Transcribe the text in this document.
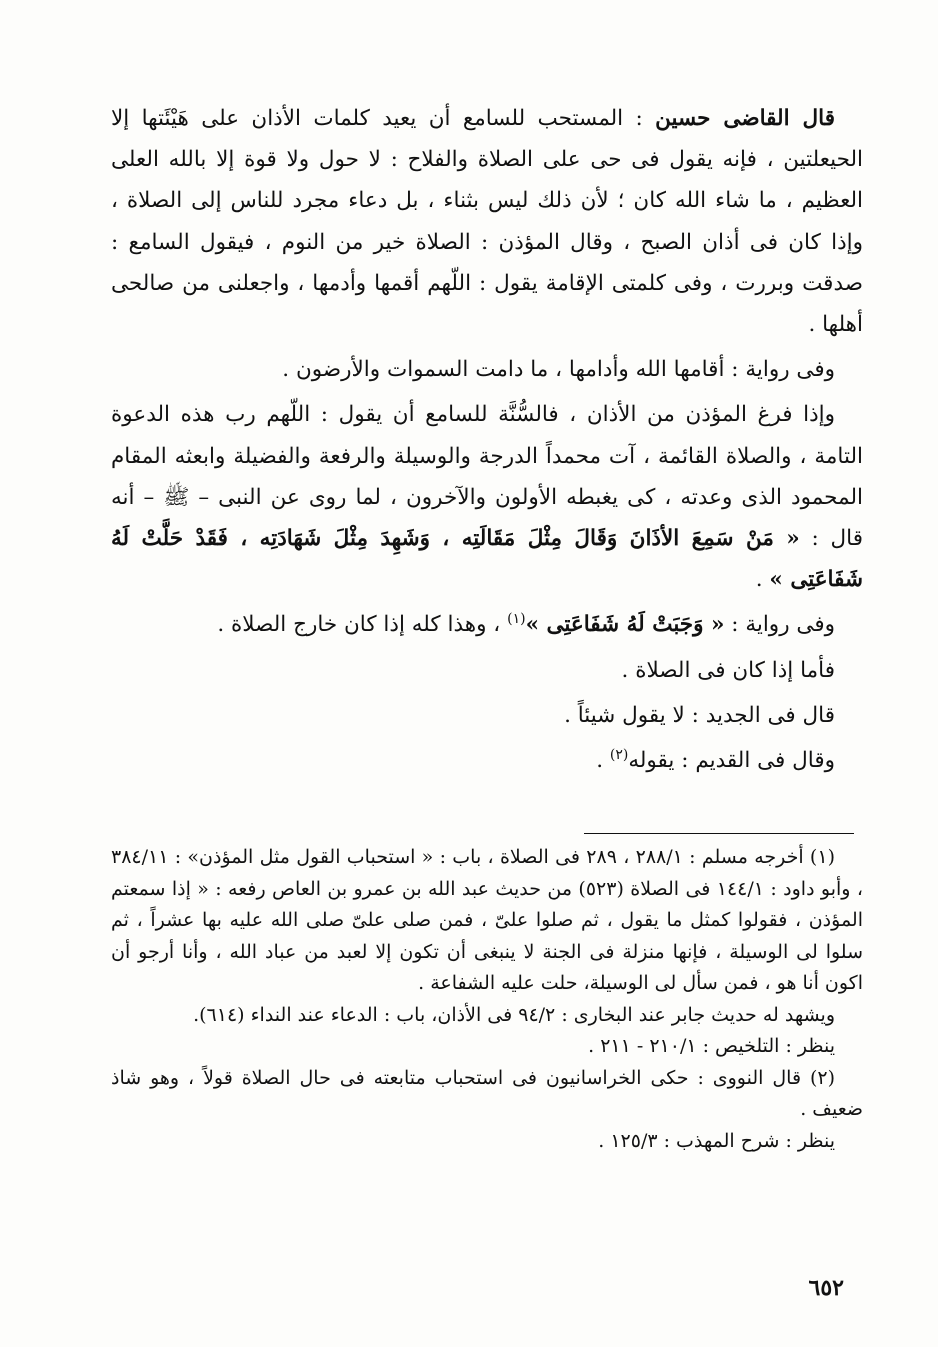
قال القاضى حسين : المستحب للسامع أن يعيد كلمات الأذان على هَيْئَتها إلا الحيعلتين ، فإنه يقول فى حى على الصلاة والفلاح : لا حول ولا قوة إلا بالله العلى العظيم ، ما شاء الله كان ؛ لأن ذلك ليس بثناء ، بل دعاء مجرد للناس إلى الصلاة ، وإذا كان فى أذان الصبح ، وقال المؤذن : الصلاة خير من النوم ، فيقول السامع : صدقت وبررت ، وفى كلمتى الإقامة يقول : اللّهم أقمها وأدمها ، واجعلنى من صالحى أهلها .

وفى رواية : أقامها الله وأدامها ، ما دامت السموات والأرضون .

وإذا فرغ المؤذن من الأذان ، فالسُّنَّة للسامع أن يقول : اللّهم رب هذه الدعوة التامة ، والصلاة القائمة ، آت محمداً الدرجة والوسيلة والرفعة والفضيلة وابعثه المقام المحمود الذى وعدته ، كى يغبطه الأولون والآخرون ، لما روى عن النبى – ﷺ – أنه قال : « مَنْ سَمِعَ الأذَانَ وَقَالَ مِثْلَ مَقَالَتِه ، وَشَهِدَ مِثْلَ شَهَادَتِه ، فَقَدْ حَلَّتْ لَهُ شَفَاعَتِى » .

وفى رواية : « وَجَبَتْ لَهُ شَفَاعَتِى »$^{(١)}$ ، وهذا كله إذا كان خارج الصلاة .

فأما إذا كان فى الصلاة .

قال فى الجديد : لا يقول شيئاً .

وقال فى القديم : يقوله$^{(٢)}$ .

(١) أخرجه مسلم : ٢٨٨/١ ، ٢٨٩ فى الصلاة ، باب : « استحباب القول مثل المؤذن» : ٣٨٤/١١ ، وأبو داود : ١٤٤/١ فى الصلاة (٥٢٣) من حديث عبد الله بن عمرو بن العاص رفعه : « إذا سمعتم المؤذن ، فقولوا كمثل ما يقول ، ثم صلوا علىّ ، فمن صلى علىّ صلى الله عليه بها عشراً ، ثم سلوا لى الوسيلة ، فإنها منزلة فى الجنة لا ينبغى أن تكون إلا لعبد من عباد الله ، وأنا أرجو أن اكون أنا هو ، فمن سأل لى الوسيلة، حلت عليه الشفاعة .

ويشهد له حديث جابر عند البخارى : ٩٤/٢ فى الأذان، باب : الدعاء عند النداء (٦١٤).

ينظر : التلخيص : ٢١٠/١ - ٢١١ .

(٢) قال النووى : حكى الخراسانيون فى استحباب متابعته فى حال الصلاة قولاً ، وهو شاذ ضعيف .

ينظر : شرح المهذب : ١٢٥/٣ .

٦٥٢
